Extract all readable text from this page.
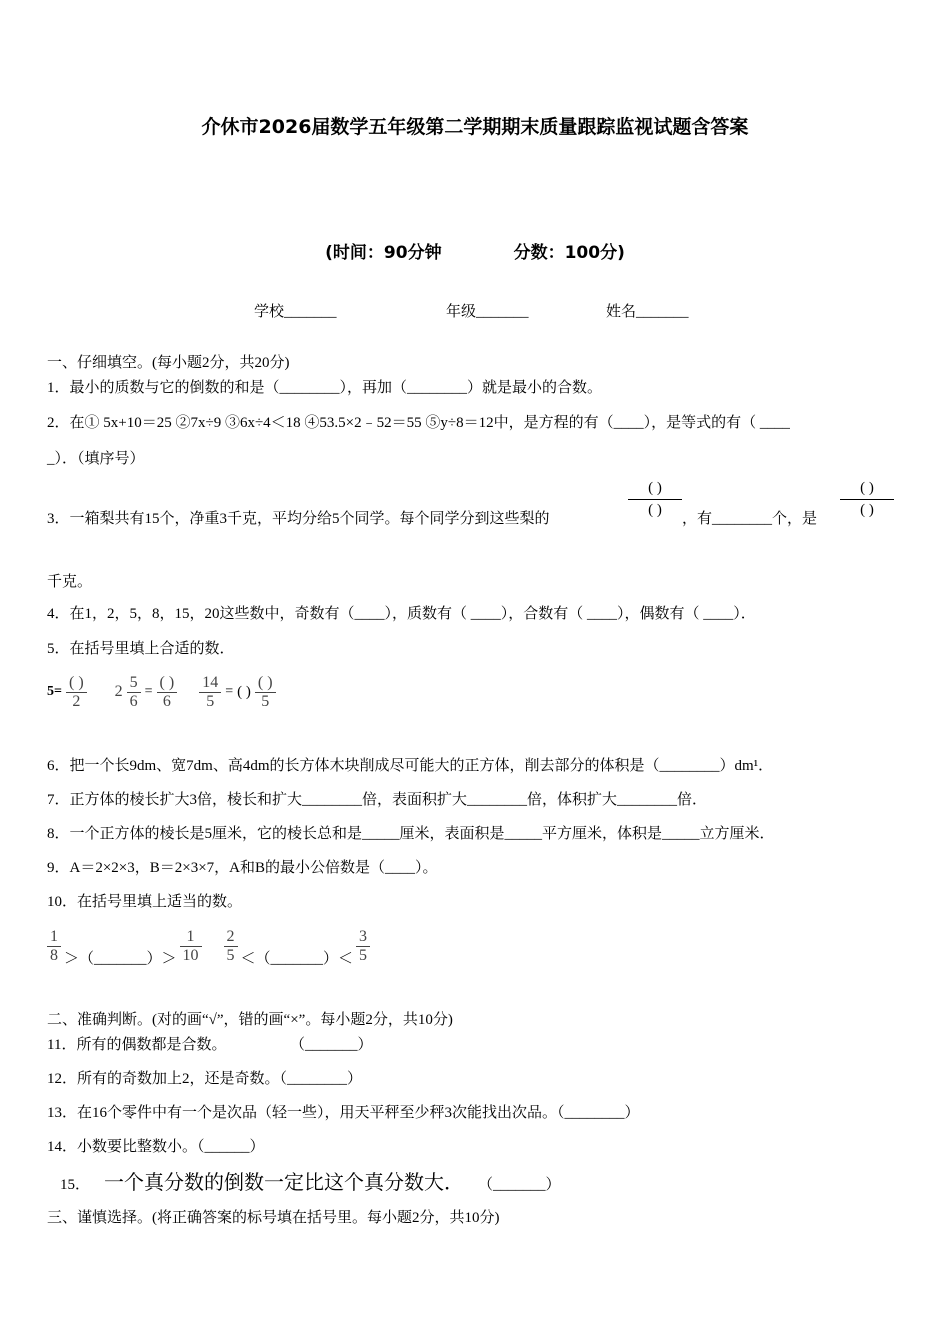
介休市2026届数学五年级第二学期期末质量跟踪监视试题含答案
(时间：90分钟	分数：100分)
学校_______	年级_______	姓名_______
一、仔细填空。(每小题2分，共20分)
1．最小的质数与它的倒数的和是（________），再加（________）就是最小的合数。
2．在① 5x+10＝25 ②7x÷9 ③6x÷4＜18 ④53.5×2﹣52＝55 ⑤y÷8＝12中，是方程的有（____），是等式的有（ ____
_）．（填序号）
3．一箱梨共有15个，净重3千克，平均分给5个同学。每个同学分到这些梨的
( )
( )
，有________个，是
( )
( )
千克。
4．在1，2，5，8，15，20这些数中，奇数有（____），质数有（ ____），合数有（ ____），偶数有（ ____）．
5．在括号里填上合适的数．
$5= \frac{( )}{2} 2 \frac{5}{6} = \frac{( )}{6} \frac{14}{5}$ = ( ) $\frac{( )}{5}$
6．把一个长9dm、宽7dm、高4dm的长方体木块削成尽可能大的正方体，削去部分的体积是（________）dm¹．
7．正方体的棱长扩大3倍，棱长和扩大________倍，表面积扩大________倍，体积扩大________倍．
8．一个正方体的棱长是5厘米，它的棱长总和是_____厘米，表面积是_____平方厘米，体积是_____立方厘米．
9．A＝2×2×3，B＝2×3×7，A和B的最小公倍数是（____）。
10．在括号里填上适当的数。
$\frac{1}{8}$ ＞（_______）＞ $\frac{1}{10} \frac{2}{5}$ ＜（_______）＜ $\frac{3}{5}$
二、准确判断。(对的画“√”，错的画“×”。每小题2分，共10分)
11．所有的偶数都是合数。	（_______）
12．所有的奇数加上2，还是奇数。（________）
13．在16个零件中有一个是次品（轻一些），用天平秤至少秤3次能找出次品。（________）
14．小数要比整数小。（______）
15． 一个真分数的倒数一定比这个真分数大． （_______）
三、谨慎选择。(将正确答案的标号填在括号里。每小题2分，共10分)
